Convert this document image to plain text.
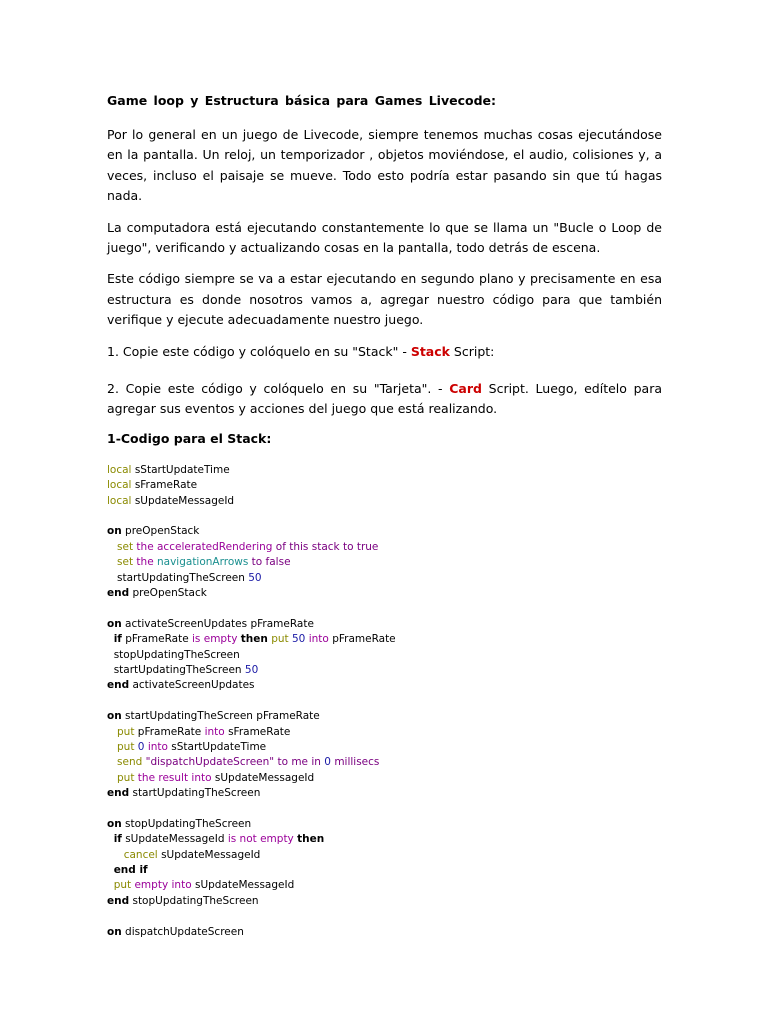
Game loop y Estructura básica para Games Livecode:

Por lo general en un juego de Livecode, siempre tenemos muchas cosas ejecutándose en la pantalla. Un reloj, un temporizador , objetos moviéndose, el audio, colisiones y, a veces, incluso el paisaje se mueve. Todo esto podría estar pasando sin que tú hagas nada.

La computadora está ejecutando constantemente lo que se llama un "Bucle o Loop de juego", verificando y actualizando cosas en la pantalla, todo detrás de escena.

Este código siempre se va a estar ejecutando en segundo plano y precisamente en esa estructura es donde nosotros vamos a, agregar nuestro código para que también verifique y ejecute adecuadamente nuestro juego.

1. Copie este código y colóquelo en su "Stack" - Stack Script:

2. Copie este código y colóquelo en su "Tarjeta". - Card Script. Luego, edítelo para agregar sus eventos y acciones del juego que está realizando.

1-Codigo para el Stack:
local sStartUpdateTime
local sFrameRate
local sUpdateMessageId
on preOpenStack
set the acceleratedRendering of this stack to true
set the navigationArrows to false
startUpdatingTheScreen 50
end preOpenStack
on activateScreenUpdates pFrameRate
if pFrameRate is empty then put 50 into pFrameRate
stopUpdatingTheScreen
startUpdatingTheScreen 50
end activateScreenUpdates
on startUpdatingTheScreen pFrameRate
put pFrameRate into sFrameRate
put 0 into sStartUpdateTime
send "dispatchUpdateScreen" to me in 0 millisecs
put the result into sUpdateMessageId
end startUpdatingTheScreen
on stopUpdatingTheScreen
if sUpdateMessageId is not empty then
cancel sUpdateMessageId
end if
put empty into sUpdateMessageId
end stopUpdatingTheScreen
on dispatchUpdateScreen
